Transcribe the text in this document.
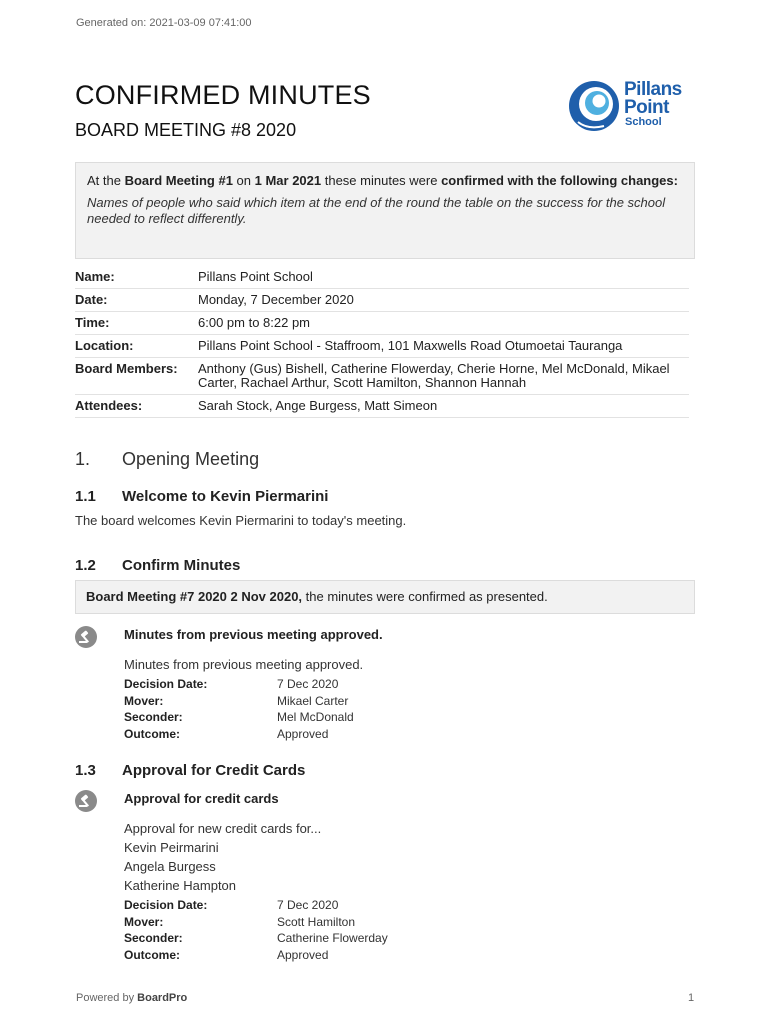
Generated on: 2021-03-09 07:41:00
CONFIRMED MINUTES
BOARD MEETING #8 2020
Pillans
Point
School
At the Board Meeting #1 on 1 Mar 2021 these minutes were confirmed with the following changes:
Names of people who said which item at the end of the round the table on the success for the school needed to reflect differently.
Name:	Pillans Point School
Date:	Monday, 7 December 2020
Time:	6:00 pm to 8:22 pm
Location:	Pillans Point School - Staffroom, 101 Maxwells Road Otumoetai Tauranga
Board Members:	Anthony (Gus) Bishell, Catherine Flowerday, Cherie Horne, Mel McDonald, Mikael Carter, Rachael Arthur, Scott Hamilton, Shannon Hannah
Attendees:	Sarah Stock, Ange Burgess, Matt Simeon
1. Opening Meeting
1.1 Welcome to Kevin Piermarini
The board welcomes Kevin Piermarini to today's meeting.
1.2 Confirm Minutes
Board Meeting #7 2020 2 Nov 2020, the minutes were confirmed as presented.
Minutes from previous meeting approved.
Minutes from previous meeting approved.
Decision Date:	7 Dec 2020
Mover:	Mikael Carter
Seconder:	Mel McDonald
Outcome:	Approved
1.3 Approval for Credit Cards
Approval for credit cards
Approval for new credit cards for...
Kevin Peirmarini
Angela Burgess
Katherine Hampton
Decision Date:	7 Dec 2020
Mover:	Scott Hamilton
Seconder:	Catherine Flowerday
Outcome:	Approved
Powered by BoardPro	1
